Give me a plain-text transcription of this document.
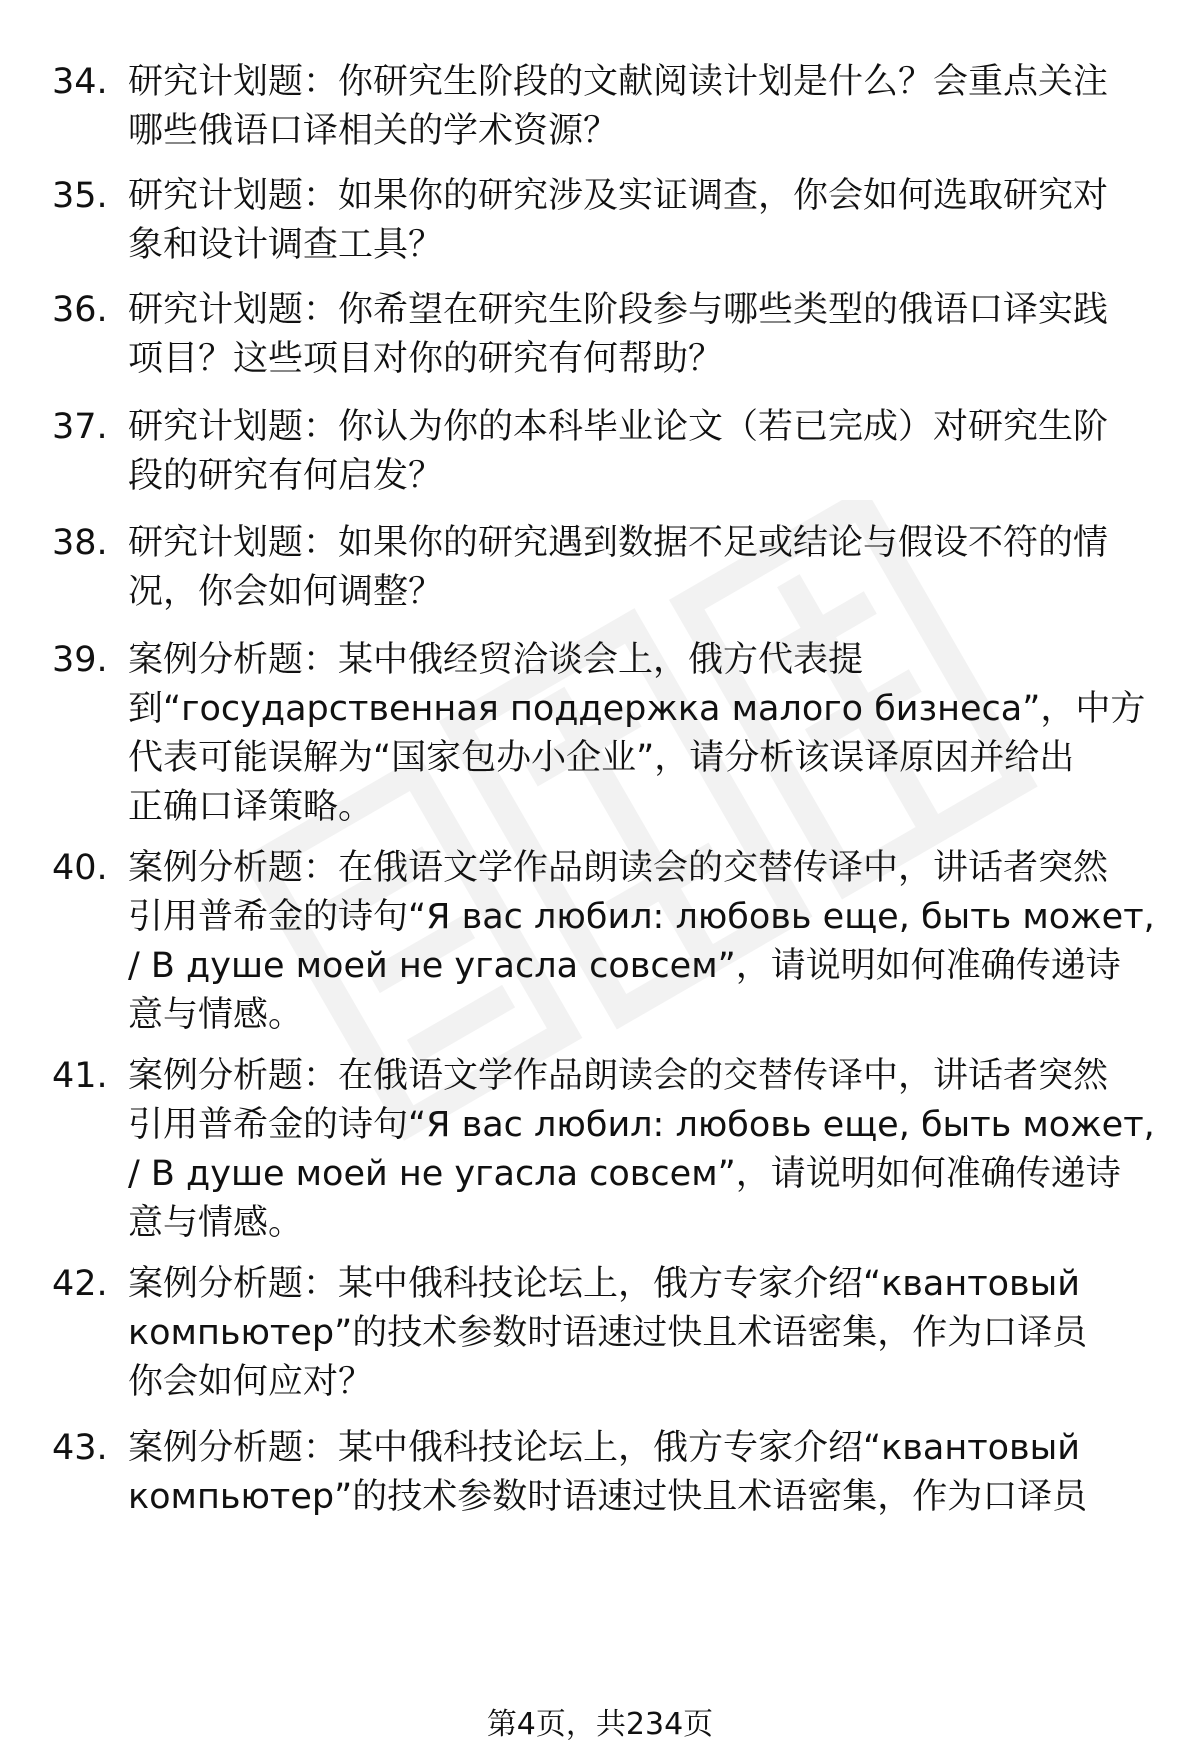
34. 研究计划题：你研究生阶段的文献阅读计划是什么？会重点关注
哪些俄语口译相关的学术资源？
35. 研究计划题：如果你的研究涉及实证调查，你会如何选取研究对
象和设计调查工具？
36. 研究计划题：你希望在研究生阶段参与哪些类型的俄语口译实践
项目？这些项目对你的研究有何帮助？
37. 研究计划题：你认为你的本科毕业论文（若已完成）对研究生阶
段的研究有何启发？
38. 研究计划题：如果你的研究遇到数据不足或结论与假设不符的情
况，你会如何调整？
39. 案例分析题：某中俄经贸洽谈会上，俄方代表提
到“государственная поддержка малого бизнеса”，中方
代表可能误解为“国家包办小企业”，请分析该误译原因并给出
正确口译策略。
40. 案例分析题：在俄语文学作品朗读会的交替传译中，讲话者突然
引用普希金的诗句“Я вас любил: любовь еще, быть может,
/ В душе моей не угасла совсем”，请说明如何准确传递诗
意与情感。
41. 案例分析题：在俄语文学作品朗读会的交替传译中，讲话者突然
引用普希金的诗句“Я вас любил: любовь еще, быть может,
/ В душе моей не угасла совсем”，请说明如何准确传递诗
意与情感。
42. 案例分析题：某中俄科技论坛上，俄方专家介绍“квантовый
компьютер”的技术参数时语速过快且术语密集，作为口译员
你会如何应对？
43. 案例分析题：某中俄科技论坛上，俄方专家介绍“квантовый
компьютер”的技术参数时语速过快且术语密集，作为口译员
第4页，共234页
